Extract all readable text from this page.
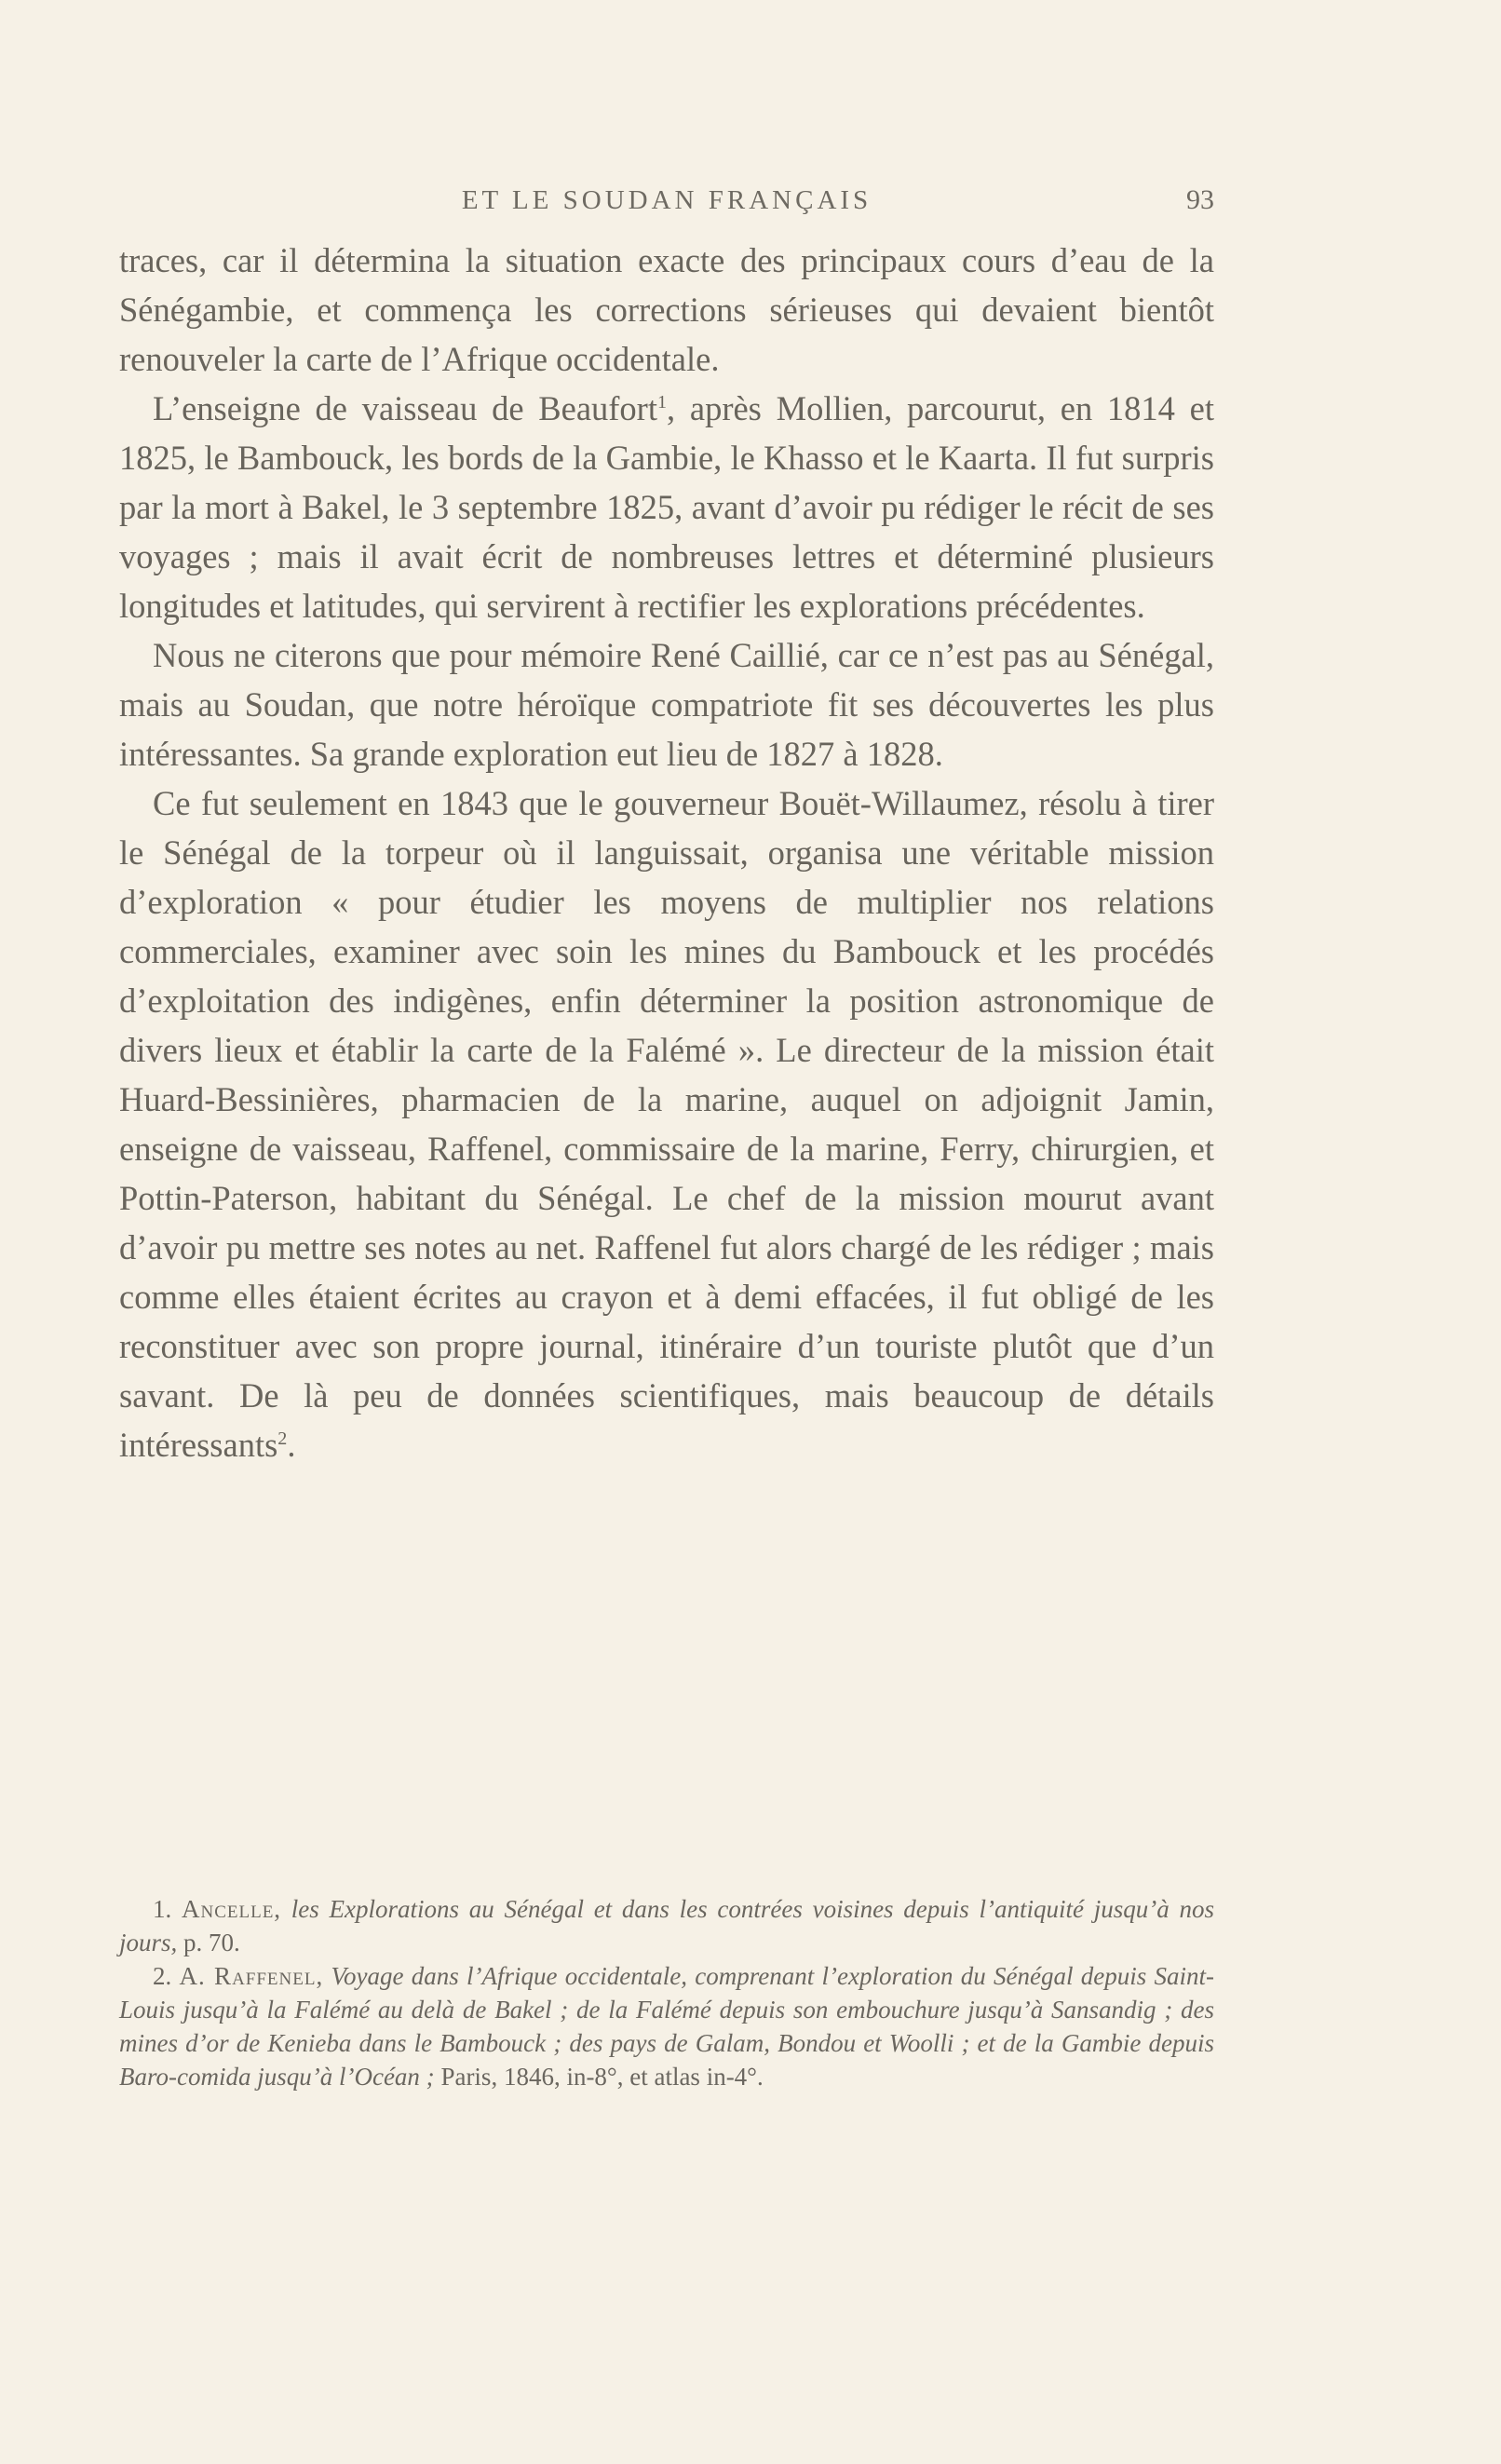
ET LE SOUDAN FRANÇAIS	93

traces, car il détermina la situation exacte des principaux cours d’eau de la Sénégambie, et commença les corrections sérieuses qui devaient bientôt renouveler la carte de l’Afrique occidentale.

L’enseigne de vaisseau de Beaufort$^1$, après Mollien, parcourut, en 1814 et 1825, le Bambouck, les bords de la Gambie, le Khasso et le Kaarta. Il fut surpris par la mort à Bakel, le 3 septembre 1825, avant d’avoir pu rédiger le récit de ses voyages ; mais il avait écrit de nombreuses lettres et déterminé plusieurs longitudes et latitudes, qui servirent à rectifier les explorations précédentes.

Nous ne citerons que pour mémoire René Caillié, car ce n’est pas au Sénégal, mais au Soudan, que notre héroïque compatriote fit ses découvertes les plus intéressantes. Sa grande exploration eut lieu de 1827 à 1828.

Ce fut seulement en 1843 que le gouverneur Bouët-Willaumez, résolu à tirer le Sénégal de la torpeur où il languissait, organisa une véritable mission d’exploration « pour étudier les moyens de multiplier nos relations commerciales, examiner avec soin les mines du Bambouck et les procédés d’exploitation des indigènes, enfin déterminer la position astronomique de divers lieux et établir la carte de la Falémé ». Le directeur de la mission était Huard-Bessinières, pharmacien de la marine, auquel on adjoignit Jamin, enseigne de vaisseau, Raffenel, commissaire de la marine, Ferry, chirurgien, et Pottin-Paterson, habitant du Sénégal. Le chef de la mission mourut avant d’avoir pu mettre ses notes au net. Raffenel fut alors chargé de les rédiger ; mais comme elles étaient écrites au crayon et à demi effacées, il fut obligé de les reconstituer avec son propre journal, itinéraire d’un touriste plutôt que d’un savant. De là peu de données scientifiques, mais beaucoup de détails intéressants$^2$.

1. Ancelle, les Explorations au Sénégal et dans les contrées voisines depuis l’antiquité jusqu’à nos jours, p. 70.

2. A. Raffenel, Voyage dans l’Afrique occidentale, comprenant l’exploration du Sénégal depuis Saint-Louis jusqu’à la Falémé au delà de Bakel ; de la Falémé depuis son embouchure jusqu’à Sansandig ; des mines d’or de Kenieba dans le Bambouck ; des pays de Galam, Bondou et Woolli ; et de la Gambie depuis Baro-comida jusqu’à l’Océan ; Paris, 1846, in-8°, et atlas in-4°.
